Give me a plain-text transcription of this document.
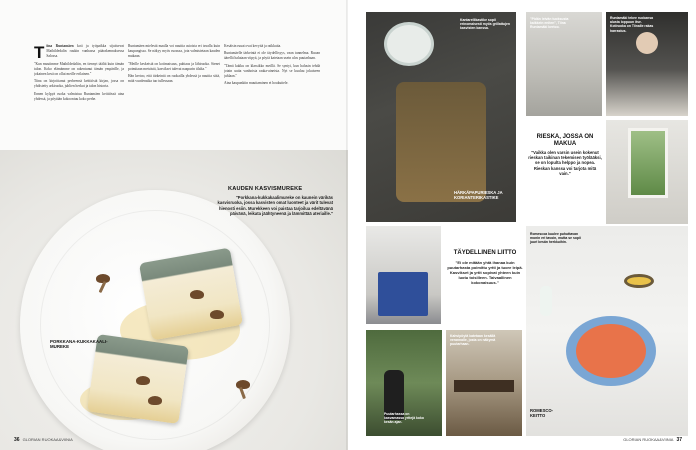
Tiina Runtamäen koti ja työpaikka sijaitsevat Mathildedalin ruukin vanhassa päärakennuksessa Salossa.

"Kun muutimme Mathildedaliin, en tiennyt täältä kuin tämän talon. Koko elämämme on rakentunut tämän ympärille, ja jokainen kesä on ollut meille erilainen."

Tiina on kirjoittanut perheensä keittiöstä kirjan, jossa on yhdistetty arkiruoka, juhlien herkut ja talon historia.

Ennen kylpyä ruoka valmistuu Runtamäen keittiössä aina yhdessä, ja pöytään kokoontuu koko perhe.

Runtamäen mielestä maalla voi nauttia asioista eri tavalla kuin kaupungissa. Se näkyy myös ruoassa, jota valmistetaan kauden mukaan.

"Meille keskeistä on kotimaisuus, puhtaus ja lähiruoka. Sienet poimitaan metsästä, kasvikset tulevat naapurin tilalta."

Hän kertoo, että tärkeintä on ruokailla yhdessä ja nauttia siitä, mitä vuodenaika tuo tullessaan.

Kesäisin ruuat ovat kevyitä ja raikkaita.

Runtamäelle tärkeintä ei ole täydellisyys, vaan tunnelma. Ruoan äärellä halutaan viipyä, ja pöytä katetaan usein ulos puutarhaan.

"Tämä kakku on klassikko meillä. Se syntyi, kun halusin tehdä jotain uutta vanhoista raaka-aineista. Nyt se kuuluu jokaiseen juhlaan."

Aina kaupunkiin muuttaminen ei houkuttele.

KAUDEN KASVISMUREKE
"Porkkana-kukkakaalimureke on kaunein värikäs kasvisruoka, jossa kasvisten omat luonteet ja värit tulevat hienosti esiin. Murekkeen voi paistaa tarjoilua edeltävänä päivänä, leikata jäähtyneenä ja lämmittää ateriaille."
PORKKANA-KUKKAKAALI-MUREKE
36 GLORIAN RUOKAA&VIINIA
Kantarellikastike sopii erinomaisesti myös grillattujen kasvisten kanssa.
HÄRKÄPAPURIESKA JA KORIANTERIKASTIKE
"Pidän leivän tuoksusta kaikkein eniten", Tiina Runtamäki kertoo.
Runtamäki tekee ruokansa alusta loppuun itse. Kotiruoka on Tiinalle rakas harrastus.
RIESKA, JOSSA ON MAKUA
"Vaikka olen varsin usein kokenut rieskan taikinan tekemisen työlääksi, se on lopulta helppo ja nopea. Rieskan kanssa voi tarjota mitä vain."
TÄYDELLINEN LIITTO
"Ei ole mitään yhtä ihanaa kuin puutarhasta poimittu yrtti ja tuore leipä. Kasvikset ja yrtit sopivat yhteen kuin luotu toisilleen. Taivaallinen kokonaisuus."
Romescoa kuulee puhuttavan monin eri tavoin, mutta se sopii juuri kesän herkkuihin.
ROMESCO-KEITTO
Puutarhassa on kasvamassa yrttejä koko kesän ajan.
Kahvipöytä katetaan kesällä verannalle, josta on näkymä puutarhaan.
GLORIAN RUOKAA&VIINIA 37
